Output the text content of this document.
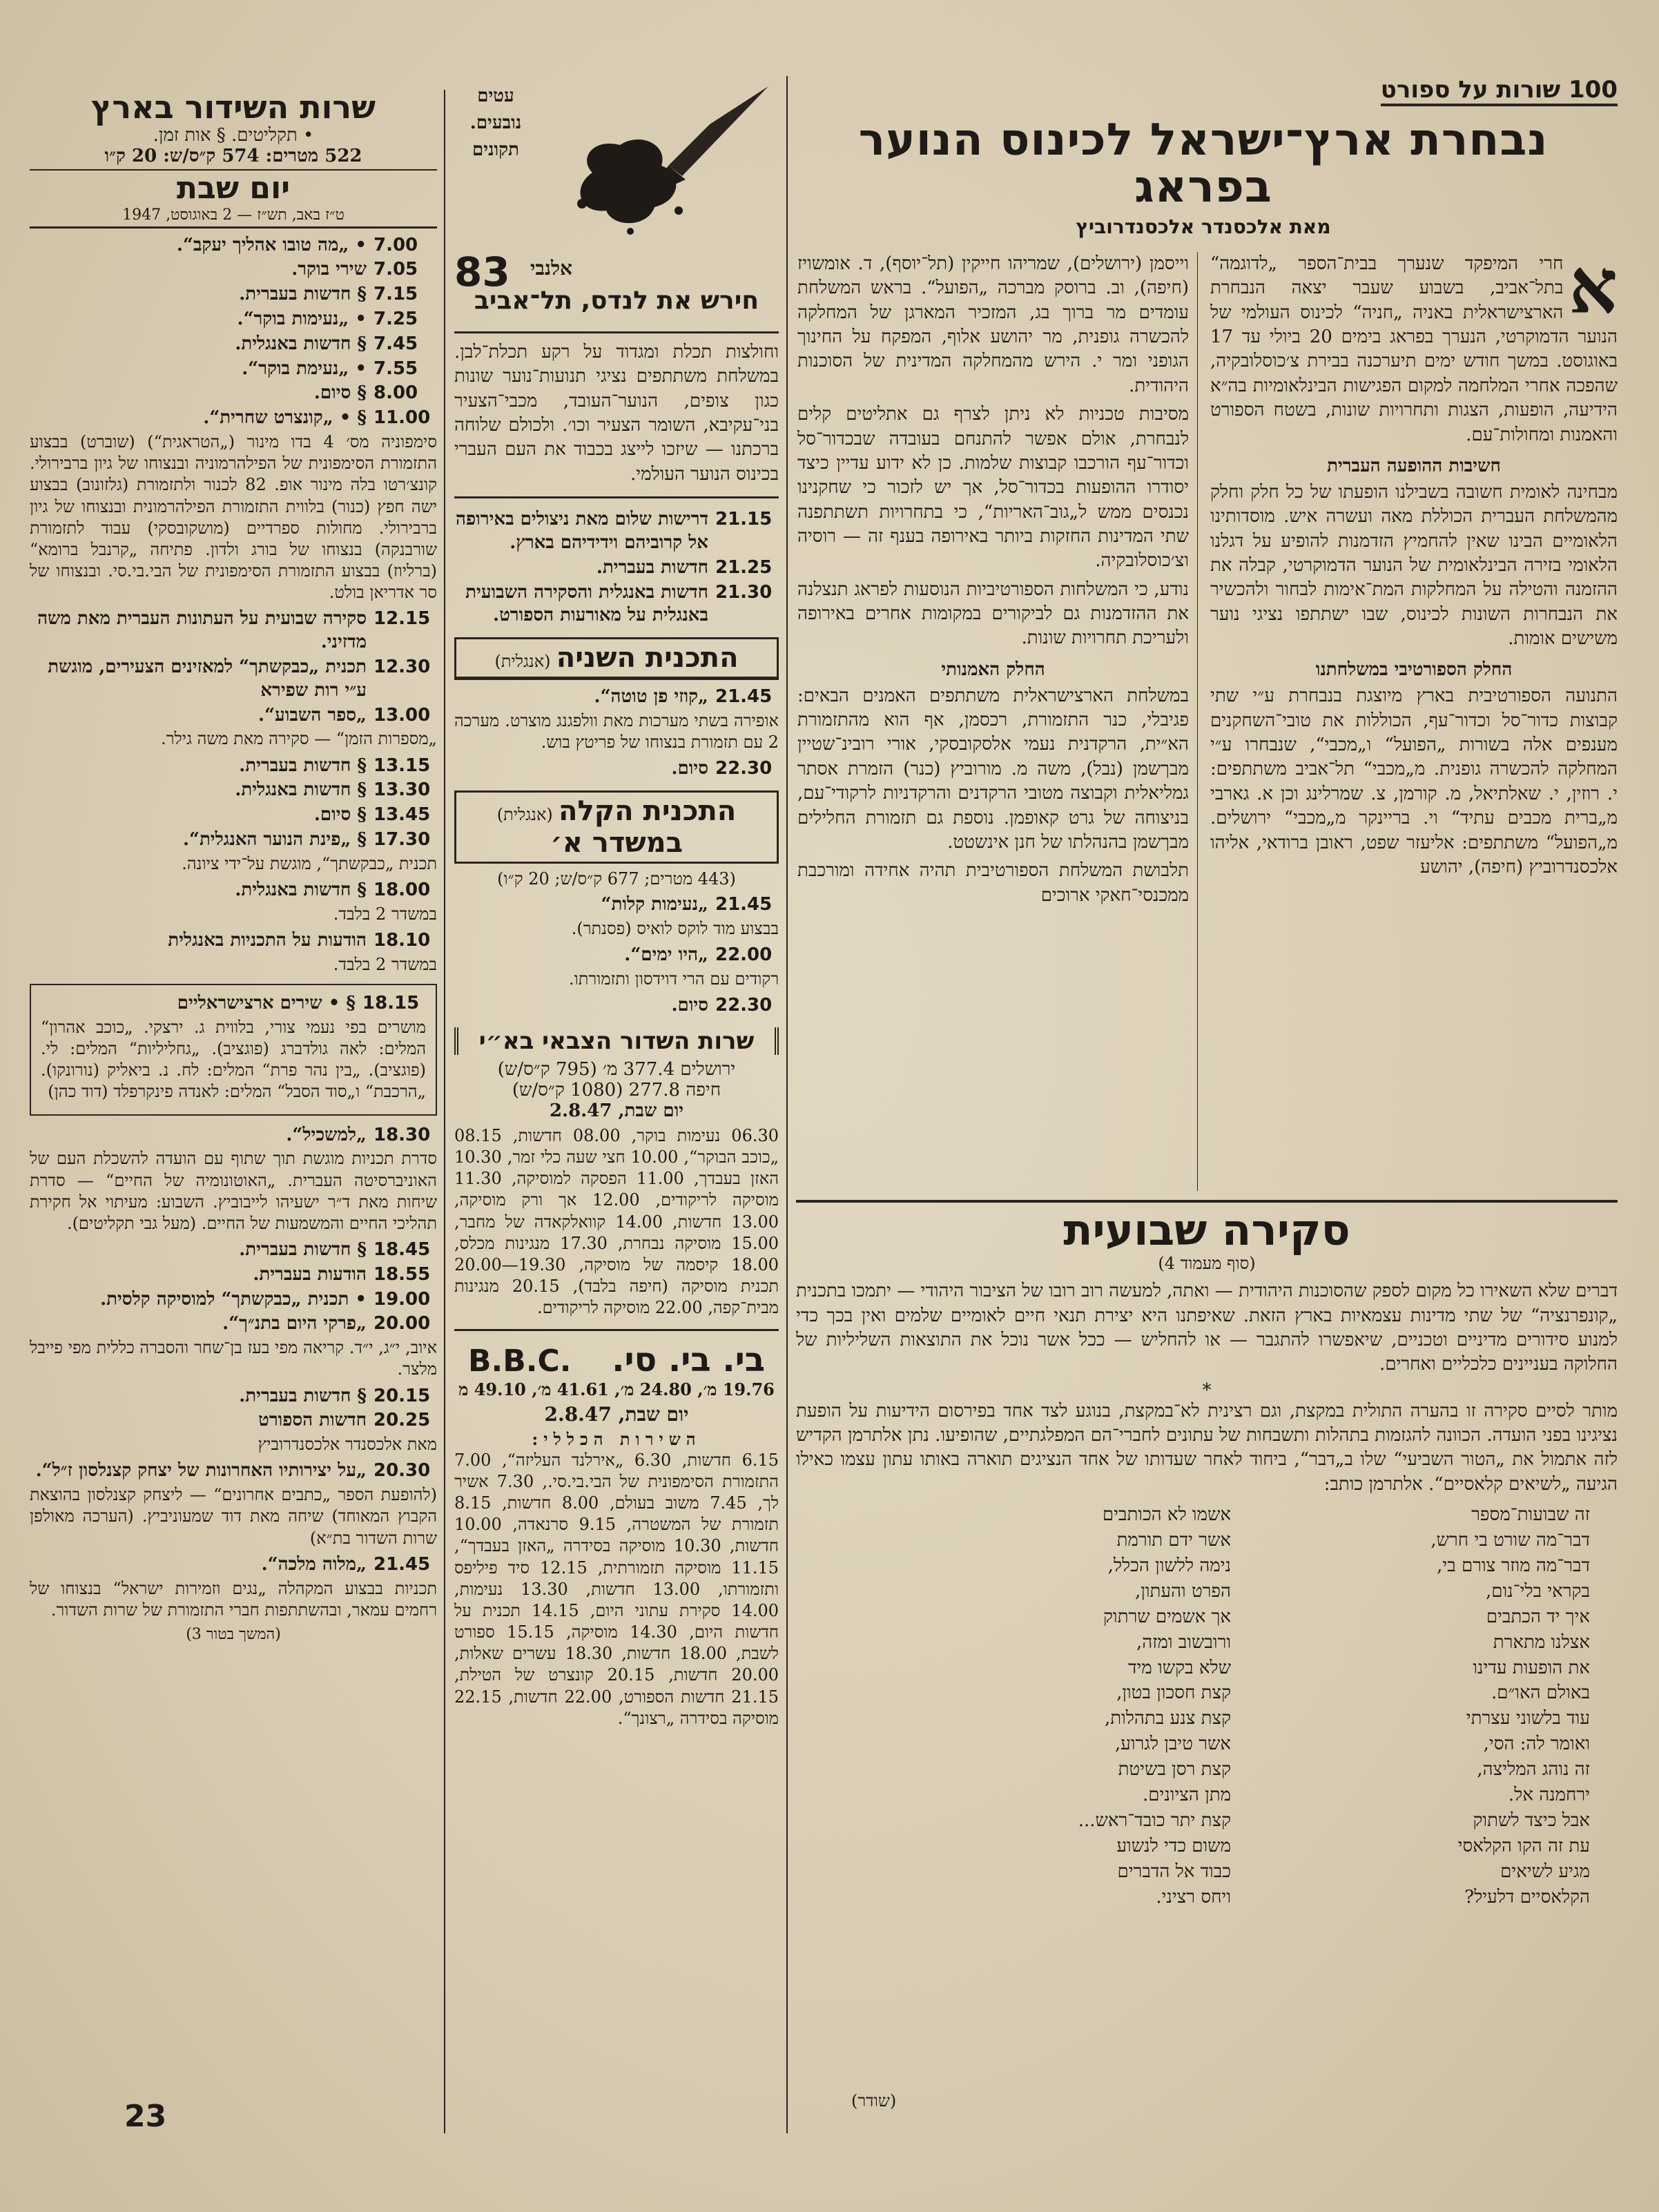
100 שורות על ספורט
נבחרת ארץ־ישראל לכינוס הנוער בפראג
מאת אלכסנדר אלכסנדרוביץ

א
חרי המיפקד שנערך בבית־הספר „לדוגמה“ בתל־אביב, בשבוע שעבר יצאה הנבחרת הארצישראלית באניה „חניה“ לכינוס העולמי של הנוער הדמוקרטי, הנערך בפראג בימים 20 ביולי עד 17 באוגוסט. במשך חודש ימים תיערכנה בבירת צ׳כוסלובקיה, שהפכה אחרי המלחמה למקום הפגישות הבינלאומיות בה״א הידיעה, הופעות, הצגות ותחרויות שונות, בשטח הספורט והאמנות ומחולות־עם.

חשיבות ההופעה העברית

מבחינה לאומית חשובה בשבילנו הופעתו של כל חלק וחלק מהמשלחת העברית הכוללת מאה ועשרה איש. מוסדותינו הלאומיים הבינו שאין להחמיץ הזדמנות להופיע על דגלנו הלאומי בזירה הבינלאומית של הנוער הדמוקרטי, קבלה את ההזמנה והטילה על המחלקות המת־אימות לבחור ולהכשיר את הנבחרות השונות לכינוס, שבו ישתתפו נציגי נוער משישים אומות.

החלק הספורטיבי במשלחתנו

התנועה הספורטיבית בארץ מיוצגת בנבחרת ע״י שתי קבוצות כדור־סל וכדור־עף, הכוללות את טובי־השחקנים מענפים אלה בשורות „הפועל“ ו„מכבי“, שנבחרו ע״י המחלקה להכשרה גופנית. מ„מכבי“ תל־אביב משתתפים: י. רוזין, י. שאלתיאל, מ. קורמן, צ. שמרלינג וכן א. גארבי מ„ברית מכבים עתיד“ וי. בריינקר מ„מכבי“ ירושלים. מ„הפועל“ משתתפים: אליעזר שפט, ראובן ברודאי, אליהו אלכסנדרוביץ (חיפה), יהושע

וייסמן (ירושלים), שמריהו חייקין (תל־יוסף), ד. אומשויז (חיפה), וב. ברוסק מברכה „הפועל“. בראש המשלחת עומדים מר ברוך בג, המזכיר המארגן של המחלקה להכשרה גופנית, מר יהושע אלוף, המפקח על החינוך הגופני ומר י. הירש מהמחלקה המדינית של הסוכנות היהודית.

מסיבות טכניות לא ניתן לצרף גם אתליטים קלים לנבחרת, אולם אפשר להתנחם בעובדה שבכדור־סל וכדור־עף הורכבו קבוצות שלמות. כן לא ידוע עדיין כיצד יסודרו ההופעות בכדור־סל, אך יש לזכור כי שחקנינו נכנסים ממש ל„גוב־האריות“, כי בתחרויות תשתתפנה שתי המדינות החזקות ביותר באירופה בענף זה — רוסיה וצ׳כוסלובקיה.

נודע, כי המשלחות הספורטיביות הנוסעות לפראג תנצלנה את ההזדמנות גם לביקורים במקומות אחרים באירופה ולעריכת תחרויות שונות.

החלק האמנותי

במשלחת הארצישראלית משתתפים האמנים הבאים: פגיבלי, כנר התזמורת, רכסמן, אף הוא מהתזמורת הא״ית, הרקדנית נעמי אלסקובסקי, אורי רובינ־שטיין מבךשמן (נבל), משה מ. מורוביץ (כנר) הזמרת אסתר גמליאלית וקבוצה מטובי הרקדנים והרקדניות לרקודי־עם, בניצוחה של גרט קאופמן. נוספת גם תזמורת החלילים מבךשמן בהנהלתו של חנן אינשטט.

תלבושת המשלחת הספורטיבית תהיה אחידה ומורכבת ממכנסי־חאקי ארוכים

סקירה שבועית
(סוף מעמוד 4)

דברים שלא השאירו כל מקום לספק שהסוכנות היהודית — ואתה, למעשה רוב רובו של הציבור היהודי — יתמכו בתכנית „קונפרנציה“ של שתי מדינות עצמאיות בארץ הזאת. שאיפתנו היא יצירת תנאי חיים לאומיים שלמים ואין בכך כדי למנוע סידורים מדיניים וטכניים, שיאפשרו להתגבר — או להחליש — ככל אשר נוכל את התוצאות השליליות של החלוקה בעניינים כלכליים ואחרים.

*

מותר לסיים סקירה זו בהערה התולית במקצת, וגם רצינית לא־במקצת, בנוגע לצד אחד בפירסום הידיעות על הופעת נציגינו בפני הועדה. הכוונה להגזמות בתהלות ותשבחות של עתונים לחברי־הם המפלגתיים, שהופיעו. נתן אלתרמן הקדיש לזה אתמול את „הטור השביעי“ שלו ב„דבר“, ביחוד לאחר שעדותו של אחד הנציגים תוארה באותו עתון עצמו כאילו הגיעה „לשיאים קלאסיים“. אלתרמן כותב:

זה שבועות־מספר
דבר־מה שורט בי חרש,
דבר־מה מוזר צורם בי,
בקראי בלי־נום,
איך יד הכתבים
אצלנו מתארת
את הופעות עדינו
באולם האו״ם.
עוד בלשוני עצרתי
ואומר לה: הסי,
זה נוהג המליצה,
ירחמנה אל.
אבל כיצד לשתוק
עת זה הקו הקלאסי
מגיע לשיאים
הקלאסיים דלעיל?
אשמו לא הכותבים
אשר ידם תורמת
נימה ללשון הכלל,
הפרט והעתון,
אך אשמים שרתוק
ורובשוב ומזה,
שלא בקשו מיד
קצת חסכון בטון,
קצת צנע בתהלות,
אשר טיבן לגרוע,
קצת רסן בשיטת
מתן הציונים.
קצת יתר כובד־ראש...
משום כדי לנשוע
כבוד אל הדברים
ויחס רציני.
(שודר)
עטים נובעים. תקונים
83 אלנבי
חירש את לנדס, תל־אביב

וחולצות תכלת ומגדוד על רקע תכלת־לבן. במשלחת משתתפים נציגי תנועות־נוער שונות כגון צופים, הנוער־העובד, מכבי־הצעיר בני־עקיבא, השומר הצעיר וכו׳. ולכולם שלוחה ברכתנו — שיזכו לייצג בכבוד את העם העברי בכינוס הנוער העולמי.

21.15
דרישות שלום מאת ניצולים באירופה אל קרוביהם וידידיהם בארץ.
21.25
חדשות בעברית.
21.30
חדשות באנגלית והסקירה השבועית באנגלית על מאורעות הספורט.
התכנית השניה (אנגלית)
21.45
„קוזי פן טוטה“.

אופירה בשתי מערכות מאת וולפגנג מוצרט. מערכה 2 עם תזמורת בנצוחו של פריטץ בוש.

22.30
סיום.
התכנית הקלה (אנגלית)
במשדר א׳
(443 מטרים; 677 ק״ס/ש; 20 ק״ו)
21.45
„נעימות קלות“

בבצוע מוד לוקס לואיס (פסנתר).

22.00
„היו ימים“.

רקודים עם הרי דוידסון ותזמורתו.

22.30
סיום.
שרות השדור הצבאי בא״י
ירושלים 377.4 מ׳ (795 ק״ס/ש)
חיפה 277.8 (1080 ק״ס/ש)
יום שבת, 2.8.47

06.30 נעימות בוקר, 08.00 חדשות, 08.15 „כוכב הבוקר“, 10.00 חצי שעה כלי זמר, 10.30 האזן בעבדך, 11.00 הפסקה למוסיקה, 11.30 מוסיקה לריקודים, 12.00 אך ורק מוסיקה, 13.00 חדשות, 14.00 קוואלקאדה של מחבר, 15.00 מוסיקה נבחרת, 17.30 מנגינות מכלס, 18.00 קיסמה של מוסיקה, 19.30—20.00 תכנית מוסיקה (חיפה בלבד), 20.15 מנגינות מבית־קפה, 22.00 מוסיקה לריקודים.

בי. בי. סי.
B.B.C.
19.76 מ׳, 24.80 מ׳, 41.61 מ׳, 49.10 מ
יום שבת, 2.8.47
השירות הכללי:

6.15 חדשות, 6.30 „אירלנד העליזה“, 7.00 התזמורת הסימפונית של הבי.בי.סי., 7.30 אשיר לך, 7.45 משוב בעולם, 8.00 חדשות, 8.15 תזמורת של המשטרה, 9.15 סרנאדה, 10.00 חדשות, 10.30 מוסיקה בסידרה „האזן בעבדך“, 11.15 מוסיקה תזמורתית, 12.15 סיד פיליפס ותזמורתו, 13.00 חדשות, 13.30 נעימות, 14.00 סקירת עתוני היום, 14.15 תכנית על חדשות היום, 14.30 מוסיקה, 15.15 ספורט לשבת, 18.00 חדשות, 18.30 עשרים שאלות, 20.00 חדשות, 20.15 קונצרט של הטילת, 21.15 חדשות הספורט, 22.00 חדשות, 22.15 מוסיקה בסידרה „רצונך“.

שרות השידור בארץ
• תקליטים. § אות זמן.
522 מטרים: 574 ק״ס/ש: 20 ק״ו
יום שבת
ט״ז באב, תש״ז — 2 באוגוסט, 1947
7.00
• „מה טובו אהליך יעקב“.
7.05
שירי בוקר.
7.15
§ חדשות בעברית.
7.25
• „נעימות בוקר“.
7.45
§ חדשות באנגלית.
7.55
• „נעימת בוקר“.
8.00
§ סיום.
11.00
§ • „קונצרט שחרית“.

סימפוניה מס׳ 4 בדו מינור („הטראגית“) (שוברט) בבצוע התזמורת הסימפונית של הפילהרמוניה ובנצוחו של גיון ברבירולי. קונצ׳רטו בלה מינור אופ. 82 לכנור ולתזמורת (גלזונוב) בבצוע ישה חפץ (כנור) בלווית התזמורת הפילהרמונית ובנצוחו של גיון ברבירולי. מחולות ספרדיים (מושקובסקי) עבוד לתזמורת שורבנקה) בנצוחו של בורג ולדון. פתיחה „קרנבל ברומא“ (ברליוז) בבצוע התזמורת הסימפונית של הבי.בי.סי. ובנצוחו של סר אדריאן בולט.

12.15
סקירה שבועית על העתונות העברית מאת משה מדזיני.
12.30
תכנית „כבקשתך“ למאזינים הצעירים, מוגשת ע״י רות שפירא
13.00
„ספר השבוע“.

„מספרות הזמן“ — סקירה מאת משה גילר.

13.15
§ חדשות בעברית.
13.30
§ חדשות באנגלית.
13.45
§ סיום.
17.30
§ „פינת הנוער האנגלית“.

תכנית „כבקשתך“, מוגשת על־ידי ציונה.

18.00
§ חדשות באנגלית.

במשדר 2 בלבד.

18.10
הודעות על התכניות באנגלית

במשדר 2 בלבד.

18.15
§ • שירים ארצישראליים

מושרים בפי נעמי צורי, בלווית ג. ירצקי. „כוכב אהרון“ המלים: לאה גולדברג (פוגציב). „גחליליות“ המלים: לי. (פוגציב). „בין נהר פרת“ המלים: לח. נ. ביאליק (נורונקו). „הרכבת“ ו„סוד הסבל“ המלים: לאנדה פינקרפלד (דוד כהן)

18.30
„למשכיל“.

סדרת תכניות מוגשת תוך שתוף עם הועדה להשכלת העם של האוניברסיטה העברית. „האוטונומיה של החיים“ — סדרת שיחות מאת ד״ר ישעיהו לייבוביץ. השבוע: מעיתוי אל חקירת תהליכי החיים והמשמעות של החיים. (מעל גבי תקליטים).

18.45
§ חדשות בעברית.
18.55
הודעות בעברית.
19.00
• תכנית „כבקשתך“ למוסיקה קלסית.
20.00
„פרקי היום בתנ״ך“.

איוב, י״ג, י״ד. קריאה מפי בעז בן־שחר והסברה כללית מפי פייבל מלצר.

20.15
§ חדשות בעברית.
20.25
חדשות הספורט

מאת אלכסנדר אלכסנדרוביץ

20.30
„על יצירותיו האחרונות של יצחק קצנלסון ז״ל“.

(להופעת הספר „כתבים אחרונים“ — ליצחק קצנלסון בהוצאת הקבוץ המאוחד) שיחה מאת דוד שמעוניביץ. (הערכה מאולפן שרות השדור בת״א)

21.45
„מלוה מלכה“.

תכניות בבצוע המקהלה „נגים וזמירות ישראל“ בנצוחו של רחמים עמאר, ובהשתתפות חברי התזמורת של שרות השדור.

(המשך בטור 3)
23
